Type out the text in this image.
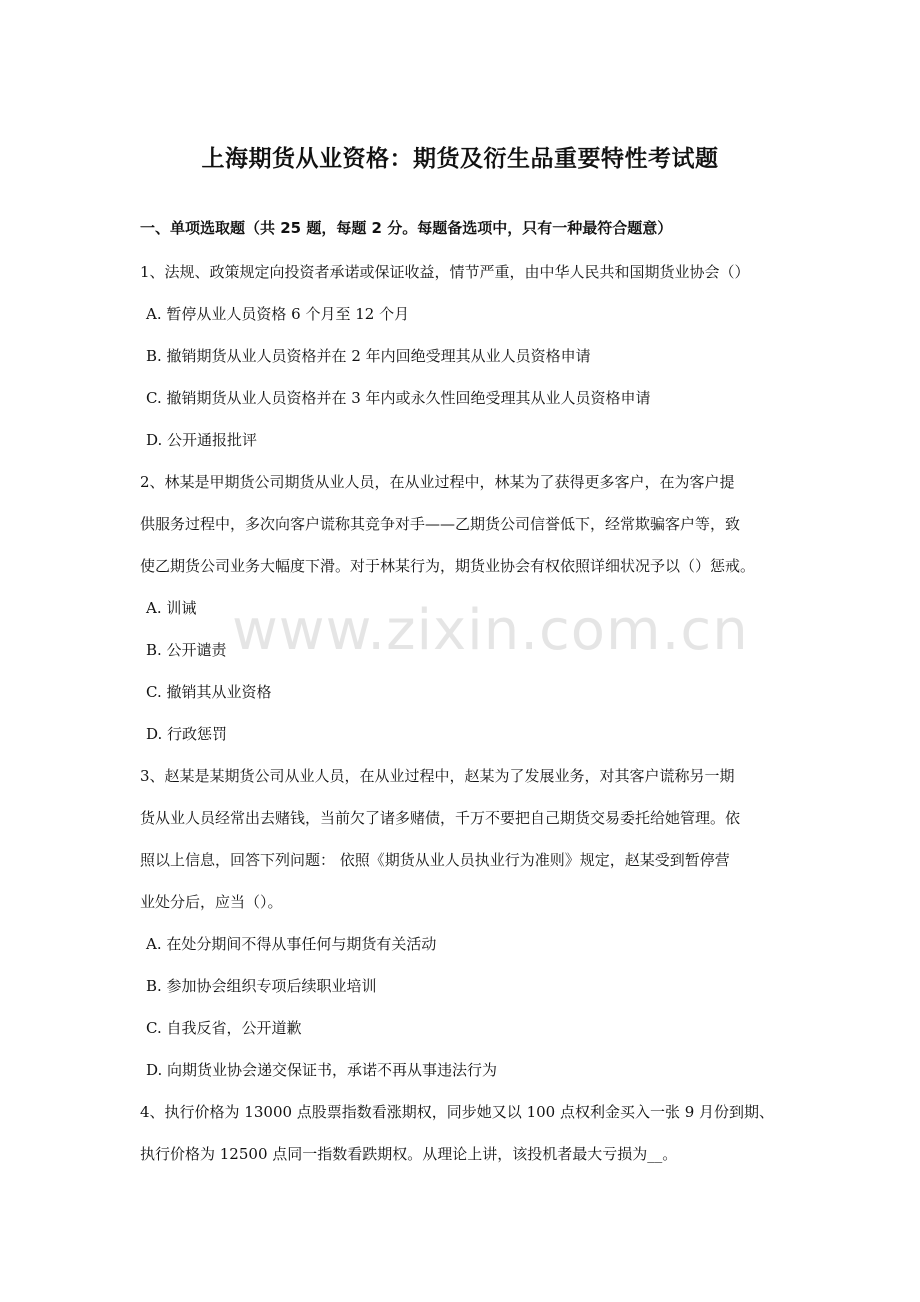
上海期货从业资格：期货及衍生品重要特性考试题
一、单项选取题（共 25 题，每题 2 分。每题备选项中，只有一种最符合题意）
www.zixin.com.cn
1、法规、政策规定向投资者承诺或保证收益，情节严重，由中华人民共和国期货业协会（）
A. 暂停从业人员资格 6 个月至 12 个月
B. 撤销期货从业人员资格并在 2 年内回绝受理其从业人员资格申请
C. 撤销期货从业人员资格并在 3 年内或永久性回绝受理其从业人员资格申请
D. 公开通报批评
2、林某是甲期货公司期货从业人员，在从业过程中，林某为了获得更多客户，在为客户提
供服务过程中，多次向客户谎称其竞争对手——乙期货公司信誉低下，经常欺骗客户等，致
使乙期货公司业务大幅度下滑。对于林某行为，期货业协会有权依照详细状况予以（）惩戒。
A. 训诫
B. 公开谴责
C. 撤销其从业资格
D. 行政惩罚
3、赵某是某期货公司从业人员，在从业过程中，赵某为了发展业务，对其客户谎称另一期
货从业人员经常出去赌钱，当前欠了诸多赌债，千万不要把自己期货交易委托给她管理。依
照以上信息，回答下列问题： 依照《期货从业人员执业行为准则》规定，赵某受到暂停营
业处分后，应当（）。
A. 在处分期间不得从事任何与期货有关活动
B. 参加协会组织专项后续职业培训
C. 自我反省，公开道歉
D. 向期货业协会递交保证书，承诺不再从事违法行为
4、执行价格为 13000 点股票指数看涨期权，同步她又以 100 点权利金买入一张 9 月份到期、
执行价格为 12500 点同一指数看跌期权。从理论上讲，该投机者最大亏损为__。
